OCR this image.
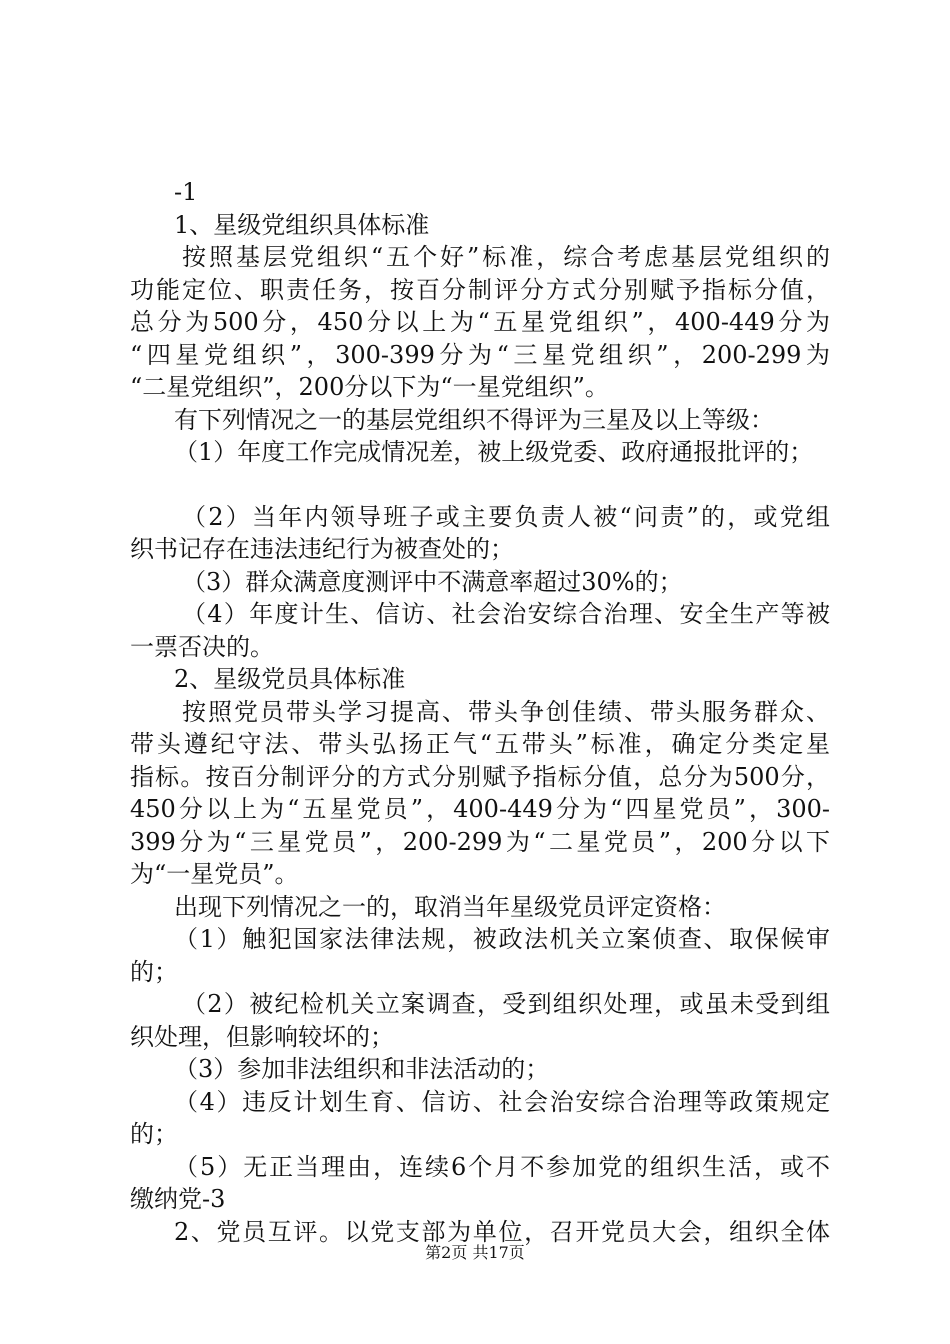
-1
1、星级党组织具体标准
按照基层党组织“五个好”标准，综合考虑基层党组织的
功能定位、职责任务，按百分制评分方式分别赋予指标分值，
总分为500分，450分以上为“五星党组织”，400-449分为
“四星党组织”，300-399分为“三星党组织”，200-299为
“二星党组织”，200分以下为“一星党组织”。
有下列情况之一的基层党组织不得评为三星及以上等级：
（1）年度工作完成情况差，被上级党委、政府通报批评的；
（2）当年内领导班子或主要负责人被“问责”的，或党组
织书记存在违法违纪行为被查处的；
（3）群众满意度测评中不满意率超过30%的；
（4）年度计生、信访、社会治安综合治理、安全生产等被
一票否决的。
2、星级党员具体标准
按照党员带头学习提高、带头争创佳绩、带头服务群众、
带头遵纪守法、带头弘扬正气“五带头”标准，确定分类定星
指标。按百分制评分的方式分别赋予指标分值，总分为500分，
450分以上为“五星党员”，400-449分为“四星党员”，300-
399分为“三星党员”，200-299为“二星党员”，200分以下
为“一星党员”。
出现下列情况之一的，取消当年星级党员评定资格：
（1）触犯国家法律法规，被政法机关立案侦查、取保候审
的；
（2）被纪检机关立案调查，受到组织处理，或虽未受到组
织处理，但影响较坏的；
（3）参加非法组织和非法活动的；
（4）违反计划生育、信访、社会治安综合治理等政策规定
的；
（5）无正当理由，连续6个月不参加党的组织生活，或不
缴纳党-3
2、党员互评。以党支部为单位，召开党员大会，组织全体
第2页 共17页
